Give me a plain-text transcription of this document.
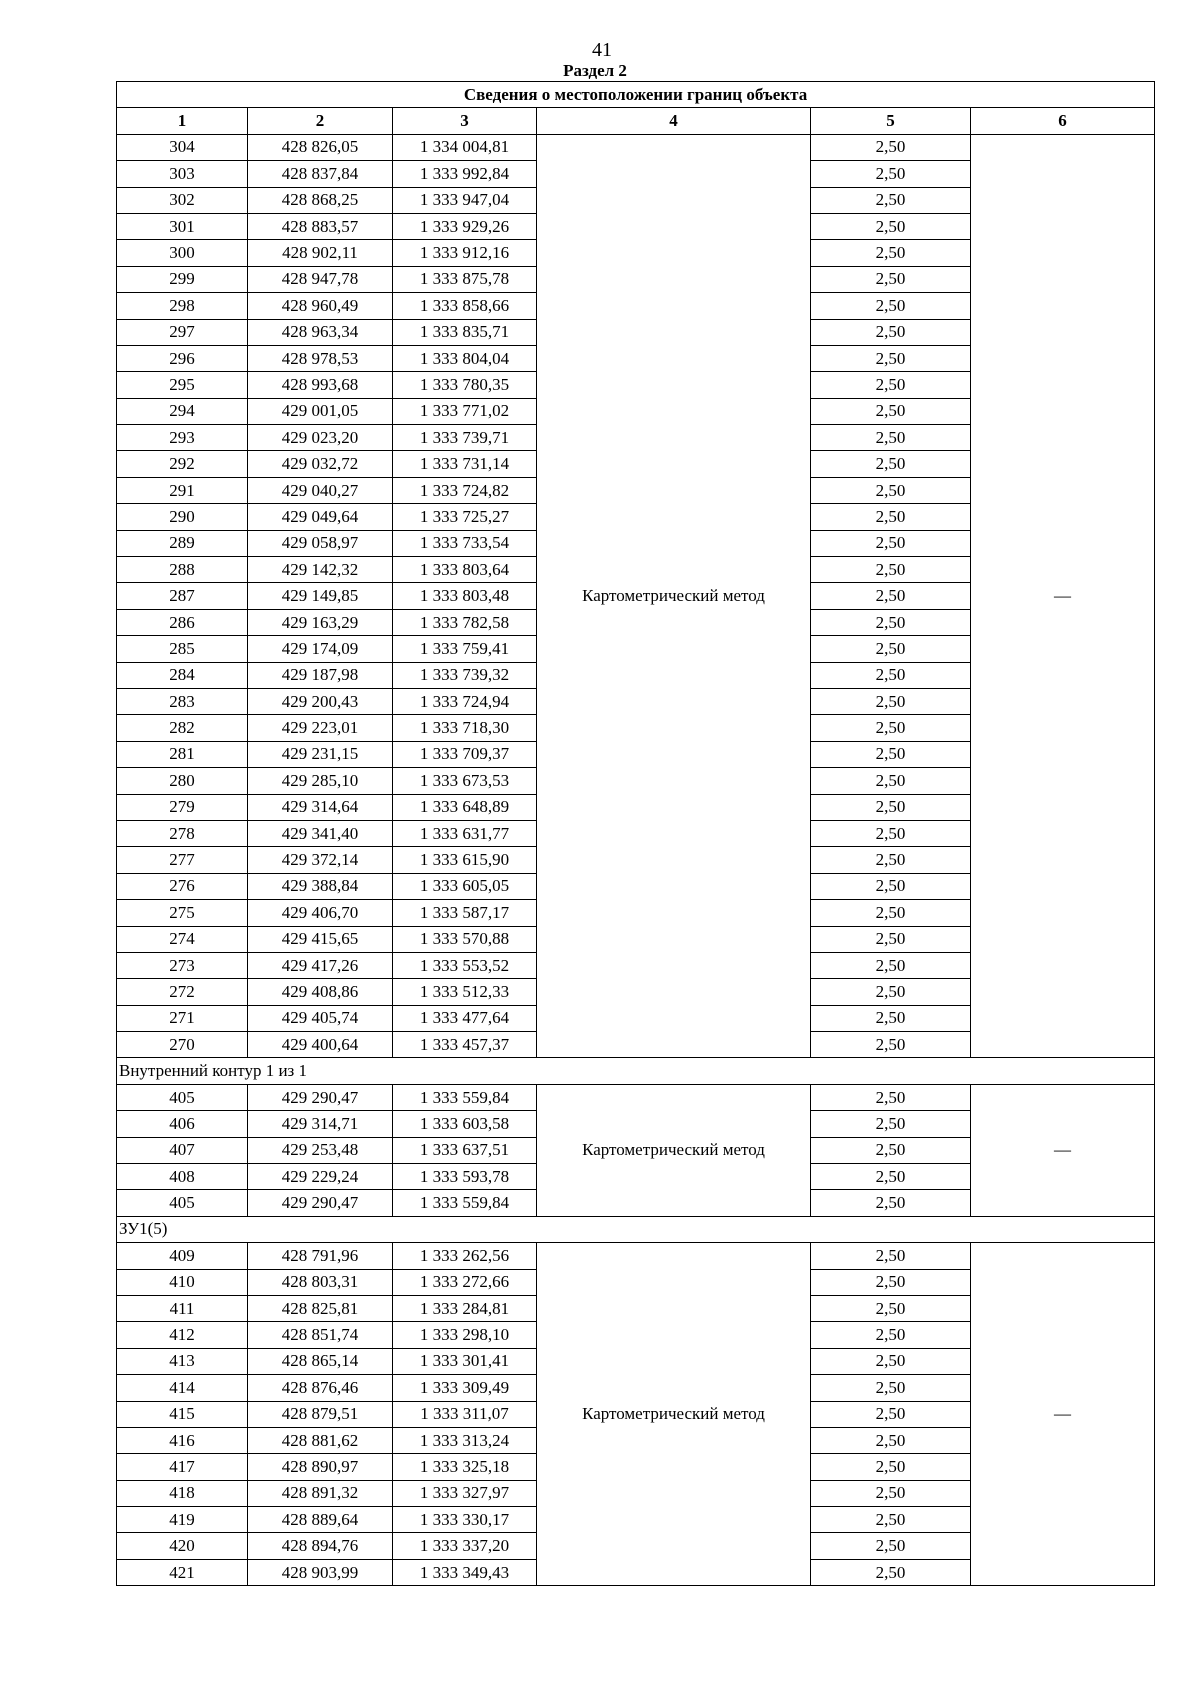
41
Раздел 2
Сведения о местоположении границ объекта					
1	2	3	4	5	6
304	428 826,05	1 334 004,81	Картометрический метод	2,50	—
303	428 837,84	1 333 992,84		2,50	
302	428 868,25	1 333 947,04		2,50	
301	428 883,57	1 333 929,26		2,50	
300	428 902,11	1 333 912,16		2,50	
299	428 947,78	1 333 875,78		2,50	
298	428 960,49	1 333 858,66		2,50	
297	428 963,34	1 333 835,71		2,50	
296	428 978,53	1 333 804,04		2,50	
295	428 993,68	1 333 780,35		2,50	
294	429 001,05	1 333 771,02		2,50	
293	429 023,20	1 333 739,71		2,50	
292	429 032,72	1 333 731,14		2,50	
291	429 040,27	1 333 724,82		2,50	
290	429 049,64	1 333 725,27		2,50	
289	429 058,97	1 333 733,54		2,50	
288	429 142,32	1 333 803,64		2,50	
287	429 149,85	1 333 803,48		2,50	
286	429 163,29	1 333 782,58		2,50	
285	429 174,09	1 333 759,41		2,50	
284	429 187,98	1 333 739,32		2,50	
283	429 200,43	1 333 724,94		2,50	
282	429 223,01	1 333 718,30		2,50	
281	429 231,15	1 333 709,37		2,50	
280	429 285,10	1 333 673,53		2,50	
279	429 314,64	1 333 648,89		2,50	
278	429 341,40	1 333 631,77		2,50	
277	429 372,14	1 333 615,90		2,50	
276	429 388,84	1 333 605,05		2,50	
275	429 406,70	1 333 587,17		2,50	
274	429 415,65	1 333 570,88		2,50	
273	429 417,26	1 333 553,52		2,50	
272	429 408,86	1 333 512,33		2,50	
271	429 405,74	1 333 477,64		2,50	
270	429 400,64	1 333 457,37		2,50	
Внутренний контур 1 из 1					
405	429 290,47	1 333 559,84	Картометрический метод	2,50	—
406	429 314,71	1 333 603,58		2,50	
407	429 253,48	1 333 637,51		2,50	
408	429 229,24	1 333 593,78		2,50	
405	429 290,47	1 333 559,84		2,50	
ЗУ1(5)					
409	428 791,96	1 333 262,56	Картометрический метод	2,50	—
410	428 803,31	1 333 272,66		2,50	
411	428 825,81	1 333 284,81		2,50	
412	428 851,74	1 333 298,10		2,50	
413	428 865,14	1 333 301,41		2,50	
414	428 876,46	1 333 309,49		2,50	
415	428 879,51	1 333 311,07		2,50	
416	428 881,62	1 333 313,24		2,50	
417	428 890,97	1 333 325,18		2,50	
418	428 891,32	1 333 327,97		2,50	
419	428 889,64	1 333 330,17		2,50	
420	428 894,76	1 333 337,20		2,50	
421	428 903,99	1 333 349,43		2,50	
